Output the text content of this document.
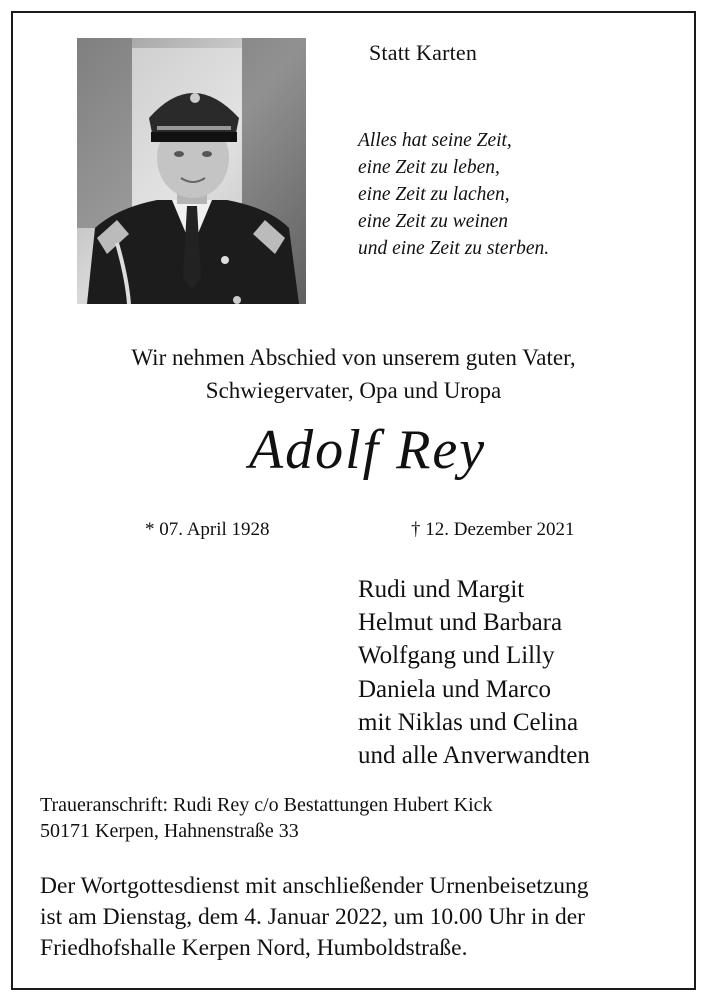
Statt Karten
Alles hat seine Zeit,
eine Zeit zu leben,
eine Zeit zu lachen,
eine Zeit zu weinen
und eine Zeit zu sterben.
Wir nehmen Abschied von unserem guten Vater,
Schwiegervater, Opa und Uropa
Adolf Rey
* 07. April 1928	† 12. Dezember 2021
Rudi und Margit
Helmut und Barbara
Wolfgang und Lilly
Daniela und Marco
mit Niklas und Celina
und alle Anverwandten
Traueranschrift: Rudi Rey c/o Bestattungen Hubert Kick
50171 Kerpen, Hahnenstraße 33
Der Wortgottesdienst mit anschließender Urnenbeisetzung
ist am Dienstag, dem 4. Januar 2022, um 10.00 Uhr in der
Friedhofshalle Kerpen Nord, Humboldstraße.
